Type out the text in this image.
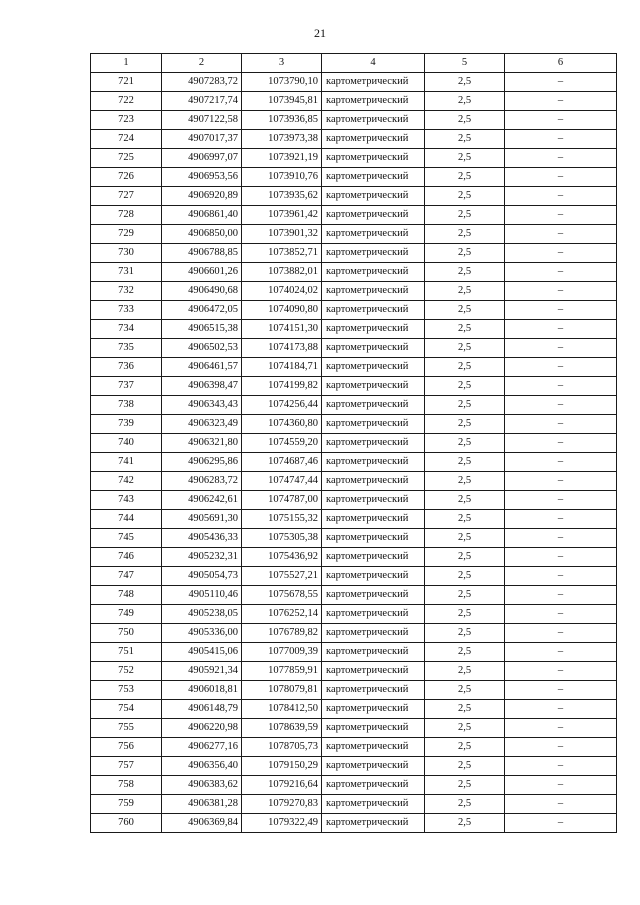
21
1	2	3	4	5	6
721	4907283,72	1073790,10	картометрический	2,5	–
722	4907217,74	1073945,81	картометрический	2,5	–
723	4907122,58	1073936,85	картометрический	2,5	–
724	4907017,37	1073973,38	картометрический	2,5	–
725	4906997,07	1073921,19	картометрический	2,5	–
726	4906953,56	1073910,76	картометрический	2,5	–
727	4906920,89	1073935,62	картометрический	2,5	–
728	4906861,40	1073961,42	картометрический	2,5	–
729	4906850,00	1073901,32	картометрический	2,5	–
730	4906788,85	1073852,71	картометрический	2,5	–
731	4906601,26	1073882,01	картометрический	2,5	–
732	4906490,68	1074024,02	картометрический	2,5	–
733	4906472,05	1074090,80	картометрический	2,5	–
734	4906515,38	1074151,30	картометрический	2,5	–
735	4906502,53	1074173,88	картометрический	2,5	–
736	4906461,57	1074184,71	картометрический	2,5	–
737	4906398,47	1074199,82	картометрический	2,5	–
738	4906343,43	1074256,44	картометрический	2,5	–
739	4906323,49	1074360,80	картометрический	2,5	–
740	4906321,80	1074559,20	картометрический	2,5	–
741	4906295,86	1074687,46	картометрический	2,5	–
742	4906283,72	1074747,44	картометрический	2,5	–
743	4906242,61	1074787,00	картометрический	2,5	–
744	4905691,30	1075155,32	картометрический	2,5	–
745	4905436,33	1075305,38	картометрический	2,5	–
746	4905232,31	1075436,92	картометрический	2,5	–
747	4905054,73	1075527,21	картометрический	2,5	–
748	4905110,46	1075678,55	картометрический	2,5	–
749	4905238,05	1076252,14	картометрический	2,5	–
750	4905336,00	1076789,82	картометрический	2,5	–
751	4905415,06	1077009,39	картометрический	2,5	–
752	4905921,34	1077859,91	картометрический	2,5	–
753	4906018,81	1078079,81	картометрический	2,5	–
754	4906148,79	1078412,50	картометрический	2,5	–
755	4906220,98	1078639,59	картометрический	2,5	–
756	4906277,16	1078705,73	картометрический	2,5	–
757	4906356,40	1079150,29	картометрический	2,5	–
758	4906383,62	1079216,64	картометрический	2,5	–
759	4906381,28	1079270,83	картометрический	2,5	–
760	4906369,84	1079322,49	картометрический	2,5	–
